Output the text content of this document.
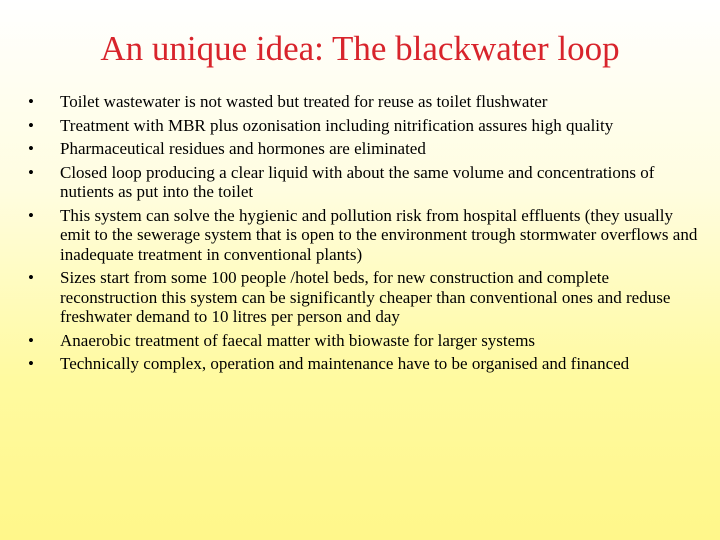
An unique idea: The blackwater loop
• Toilet wastewater is not wasted but treated for reuse as toilet flushwater
• Treatment with MBR plus ozonisation including nitrification assures high quality
• Pharmaceutical residues and hormones are eliminated
• Closed loop producing a clear liquid with about the same volume and concentrations of nutients as put into the toilet
• This system can solve the hygienic and pollution risk from hospital effluents (they usually emit to the sewerage system that is open to the environment trough stormwater overflows and inadequate treatment in conventional plants)
• Sizes start from some 100 people /hotel beds, for new construction and complete reconstruction this system can be significantly cheaper than conventional ones and reduse freshwater demand to 10 litres per person and day
• Anaerobic treatment of faecal matter with biowaste for larger systems
• Technically complex, operation and maintenance have to be organised and financed
